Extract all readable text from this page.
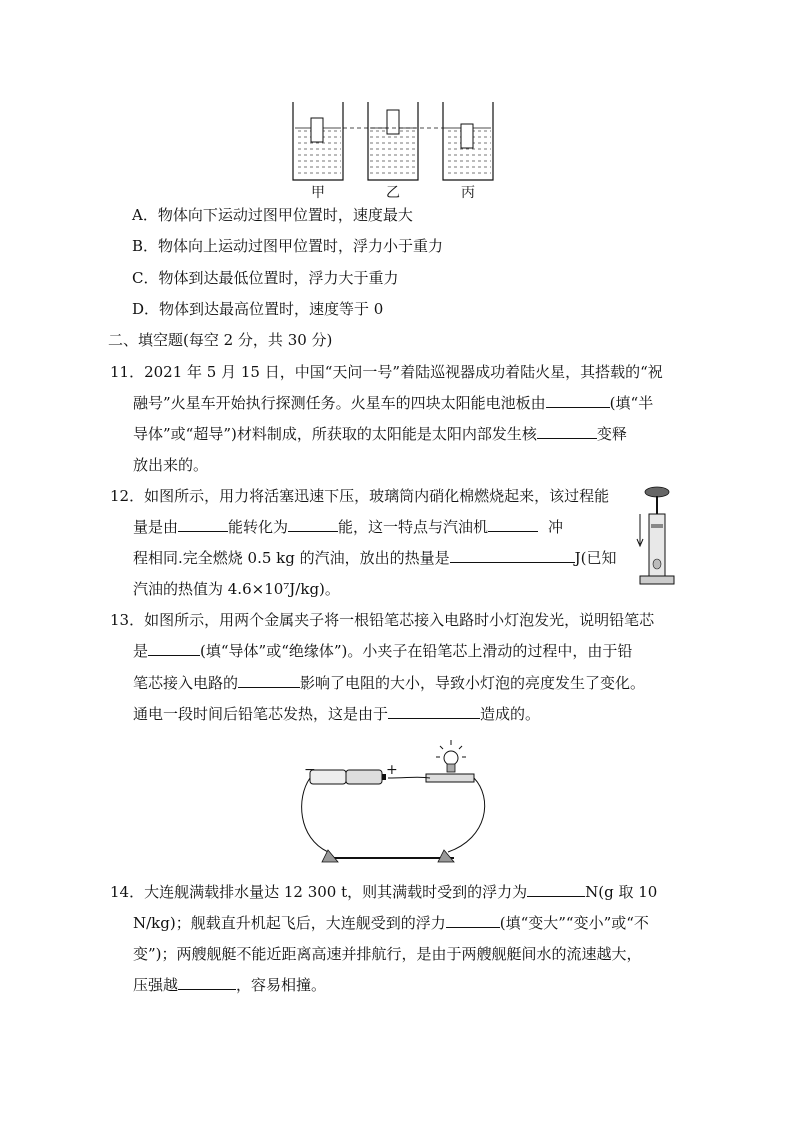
甲	乙	丙
A．物体向下运动过图甲位置时，速度最大
B．物体向上运动过图甲位置时，浮力小于重力
C．物体到达最低位置时，浮力大于重力
D．物体到达最高位置时，速度等于 0
二、填空题(每空 2 分，共 30 分)
11．2021 年 5 月 15 日，中国“天问一号”着陆巡视器成功着陆火星，其搭载的“祝
融号”火星车开始执行探测任务。火星车的四块太阳能电池板由	(填“半
导体”或“超导”)材料制成，所获取的太阳能是太阳内部发生核	变释
放出来的。
12．如图所示，用力将活塞迅速下压，玻璃筒内硝化棉燃烧起来，该过程能
量是由	能转化为	能，这一特点与汽油机	冲
程相同.完全燃烧 0.5 kg 的汽油，放出的热量是	J(已知
汽油的热值为 4.6×10⁷J/kg)。
13．如图所示，用两个金属夹子将一根铅笔芯接入电路时小灯泡发光，说明铅笔芯
是	(填“导体”或“绝缘体”)。小夹子在铅笔芯上滑动的过程中，由于铅
笔芯接入电路的	影响了电阻的大小，导致小灯泡的亮度发生了变化。
通电一段时间后铅笔芯发热，这是由于	造成的。
−	+
14．大连舰满载排水量达 12 300 t，则其满载时受到的浮力为	N(g 取 10
N/kg)；舰载直升机起飞后，大连舰受到的浮力	(填“变大”“变小”或“不
变”)；两艘舰艇不能近距离高速并排航行，是由于两艘舰艇间水的流速越大，
压强越	，容易相撞。
